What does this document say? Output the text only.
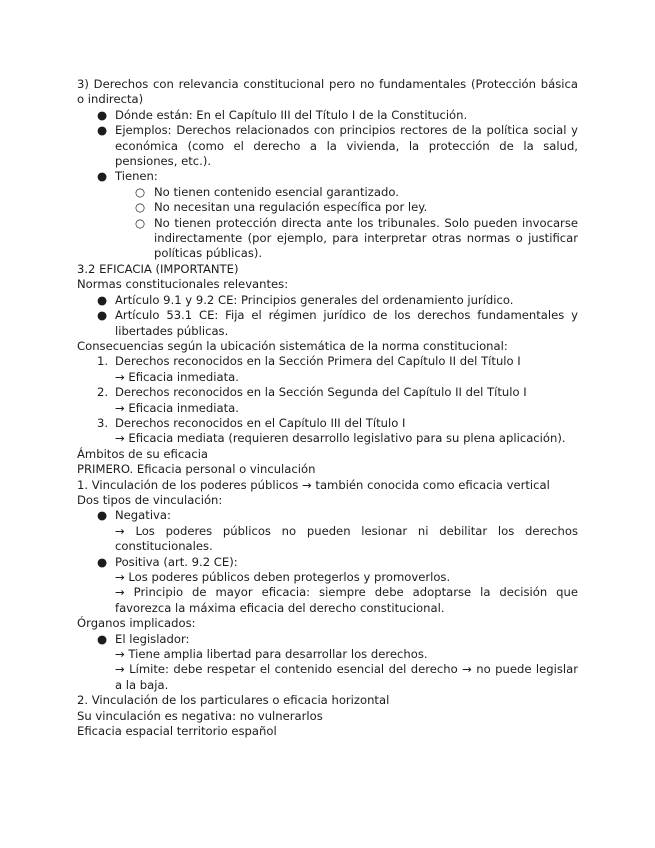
3) Derechos con relevancia constitucional pero no fundamentales (Protección básica o indirecta)
● Dónde están: En el Capítulo III del Título I de la Constitución.
● Ejemplos: Derechos relacionados con principios rectores de la política social y económica (como el derecho a la vivienda, la protección de la salud, pensiones, etc.).
● Tienen:
○ No tienen contenido esencial garantizado.
○ No necesitan una regulación específica por ley.
○ No tienen protección directa ante los tribunales. Solo pueden invocarse indirectamente (por ejemplo, para interpretar otras normas o justificar políticas públicas).
3.2 EFICACIA (IMPORTANTE)
Normas constitucionales relevantes:
● Artículo 9.1 y 9.2 CE: Principios generales del ordenamiento jurídico.
● Artículo 53.1 CE: Fija el régimen jurídico de los derechos fundamentales y libertades públicas.
Consecuencias según la ubicación sistemática de la norma constitucional:
1. Derechos reconocidos en la Sección Primera del Capítulo II del Título I
→ Eficacia inmediata.
2. Derechos reconocidos en la Sección Segunda del Capítulo II del Título I
→ Eficacia inmediata.
3. Derechos reconocidos en el Capítulo III del Título I
→ Eficacia mediata (requieren desarrollo legislativo para su plena aplicación).
Ámbitos de su eficacia
PRIMERO. Eficacia personal o vinculación
1. Vinculación de los poderes públicos → también conocida como eficacia vertical
Dos tipos de vinculación:
● Negativa:
→ Los poderes públicos no pueden lesionar ni debilitar los derechos constitucionales.
● Positiva (art. 9.2 CE):
→ Los poderes públicos deben protegerlos y promoverlos.
→ Principio de mayor eficacia: siempre debe adoptarse la decisión que favorezca la máxima eficacia del derecho constitucional.
Órganos implicados:
● El legislador:
→ Tiene amplia libertad para desarrollar los derechos.
→ Límite: debe respetar el contenido esencial del derecho → no puede legislar a la baja.
2. Vinculación de los particulares o eficacia horizontal
Su vinculación es negativa: no vulnerarlos
Eficacia espacial territorio español
